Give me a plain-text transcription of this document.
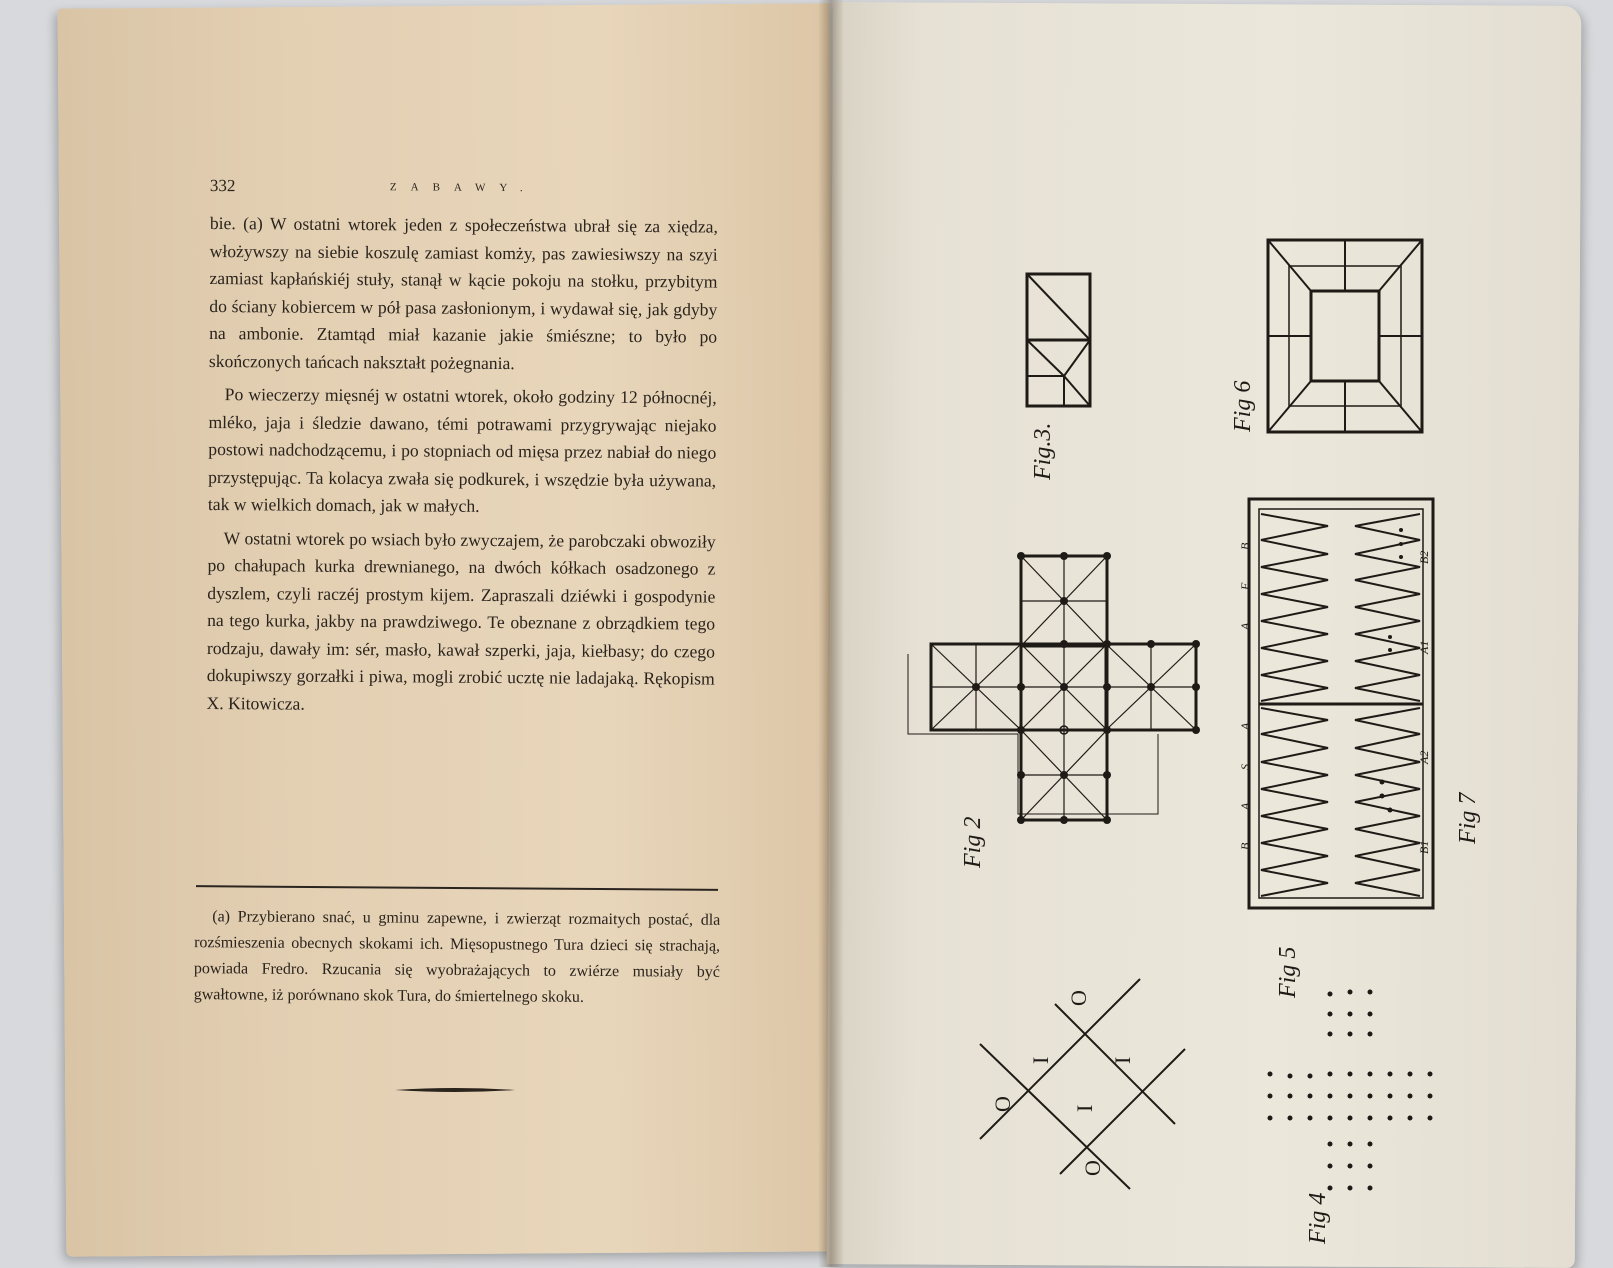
332	ZABAWY.

bie. (a) W ostatni wtorek jeden z społeczeństwa ubrał się za xiędza, włożywszy na siebie koszulę zamiast komży, pas zawiesiwszy na szyi zamiast kapłańskiéj stuły, stanął w kącie pokoju na stołku, przybitym do ściany kobiercem w pół pasa zasłonionym, i wydawał się, jak gdyby na ambonie. Ztamtąd miał kazanie jakie śmiészne; to było po skończonych tańcach nakształt pożegnania.

Po wieczerzy mięsnéj w ostatni wtorek, około godziny 12 północnéj, mléko, jaja i śledzie dawano, témi potrawami przygrywając niejako postowi nadchodzącemu, i po stopniach od mięsa przez nabiał do niego przystępując. Ta kolacya zwała się podkurek, i wszędzie była używana, tak w wielkich domach, jak w małych.

W ostatni wtorek po wsiach było zwyczajem, że parobczaki obwoziły po chałupach kurka drewnianego, na dwóch kółkach osadzonego z dyszlem, czyli raczéj prostym kijem. Zapraszali dziéwki i gospodynie na tego kurka, jakby na prawdziwego. Te obeznane z obrządkiem tego rodzaju, dawały im: sér, masło, kawał szperki, jaja, kiełbasy; do czego dokupiwszy gorzałki i piwa, mogli zrobić ucztę nie ladajaką. Rękopism X. Kitowicza.

(a) Przybierano snać, u gminu zapewne, i zwierząt rozmaitych postać, dla rozśmieszenia obecnych skokami ich. Mięsopustnego Tura dzieci się strachają, powiada Fredro. Rzucania się wyobrażających to zwiérze musiały być gwałtowne, iż porównano skok Tura, do śmiertelnego skoku.

B
F
A
A
S
A
B
A2
A1
B1
B2
O
I	I
O	I
O
Fig 2
Fig.3.
Fig 4
Fig 5
Fig 6
Fig 7
